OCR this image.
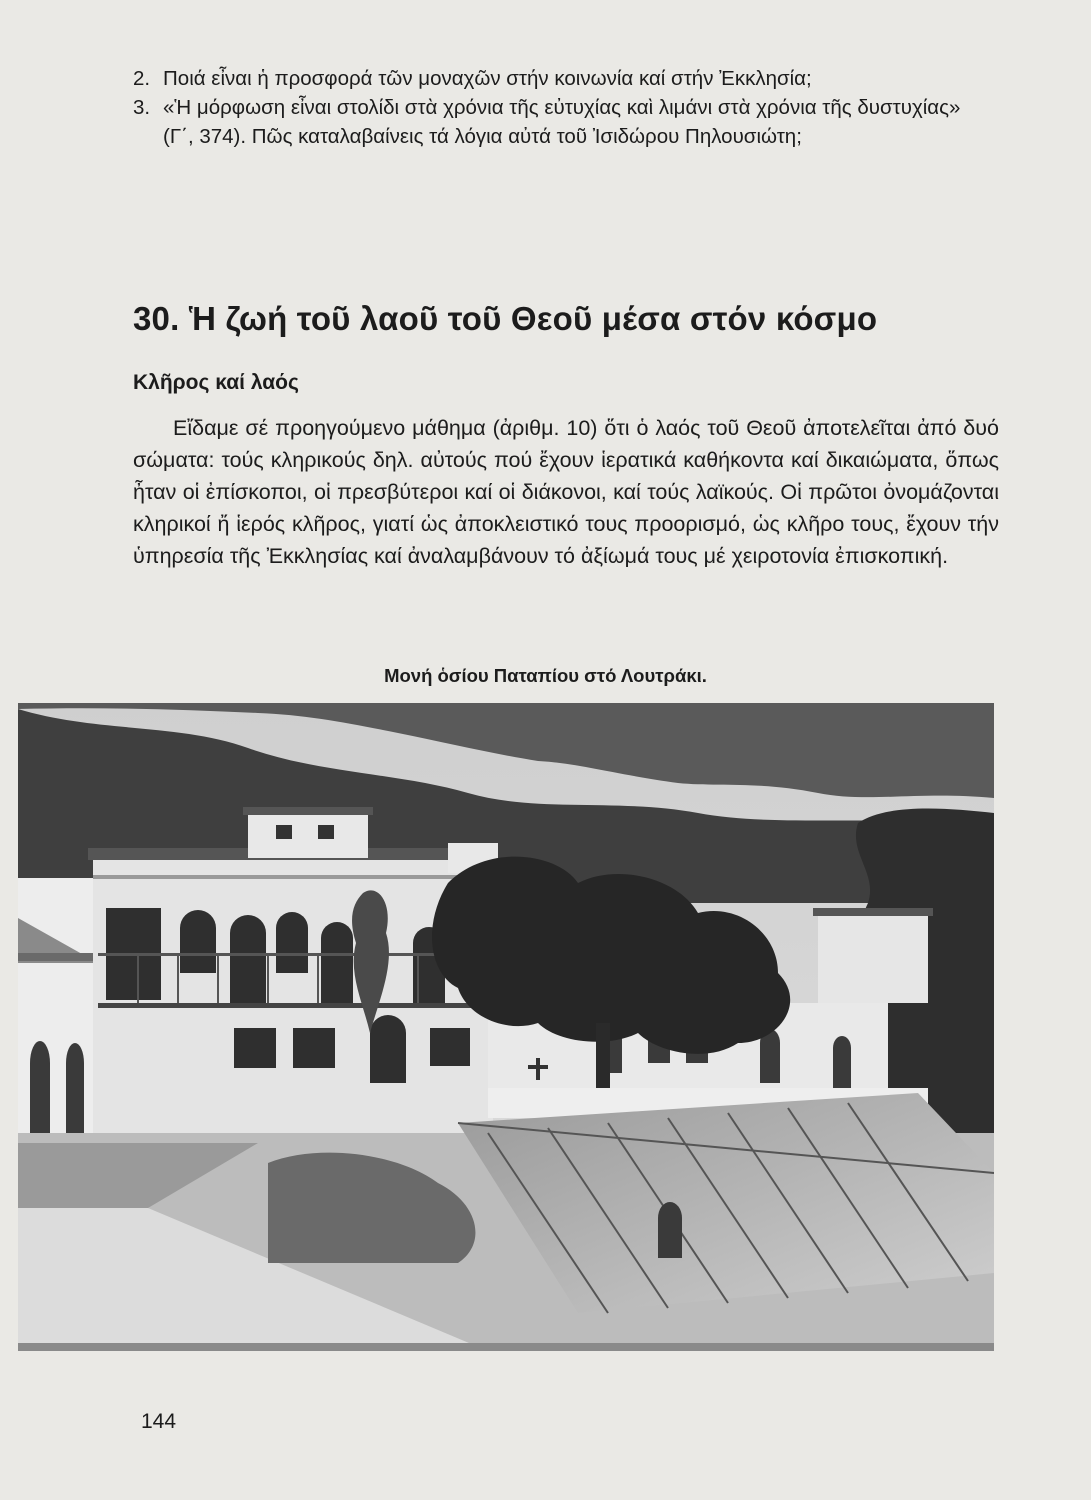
2. Ποιά εἶναι ἡ προσφορά τῶν μοναχῶν στήν κοινωνία καί στήν Ἐκκλησία;

3. «Ἡ μόρφωση εἶναι στολίδι στὰ χρόνια τῆς εὐτυχίας καὶ λιμάνι στὰ χρόνια τῆς δυστυχίας» (Γ΄, 374). Πῶς καταλαβαίνεις τά λόγια αὐτά τοῦ Ἰσιδώρου Πηλουσιώτη;

30. Ἡ ζωή τοῦ λαοῦ τοῦ Θεοῦ μέσα στόν κόσμο
Κλῆρος καί λαός

Εἴδαμε σέ προηγούμενο μάθημα (ἀριθμ. 10) ὅτι ὁ λαός τοῦ Θεοῦ ἀποτελεῖται ἀπό δυό σώματα: τούς κληρικούς δηλ. αὐτούς πού ἔχουν ἱερατικά καθήκοντα καί δικαιώματα, ὅπως ἦταν οἱ ἐπίσκοποι, οἱ πρεσβύτεροι καί οἱ διάκονοι, καί τούς λαϊκούς. Οἱ πρῶτοι ὀνομάζονται κληρικοί ἤ ἱερός κλῆρος, γιατί ὡς ἀποκλειστικό τους προορισμό, ὡς κλῆρο τους, ἔχουν τήν ὑπηρεσία τῆς Ἐκκλησίας καί ἀναλαμβάνουν τό ἀξίωμά τους μέ χειροτονία ἐπισκοπική.

Μονή ὁσίου Παταπίου στό Λουτράκι.
144
